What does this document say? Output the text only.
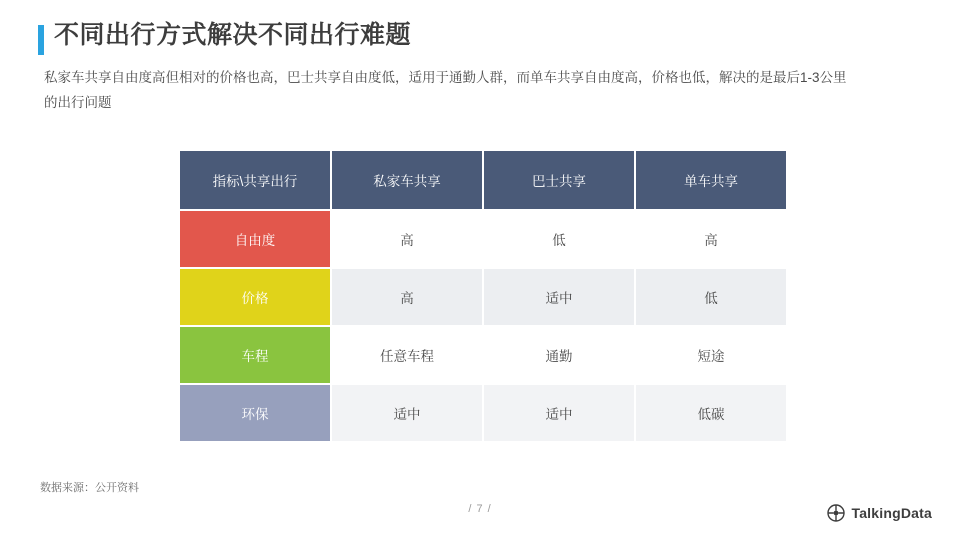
不同出行方式解决不同出行难题
私家车共享自由度高但相对的价格也高，巴士共享自由度低，适用于通勤人群，而单车共享自由度高，价格也低，解决的是最后1-3公里的出行问题
指标\共享出行	私家车共享	巴士共享	单车共享
自由度	高	低	高
价格	高	适中	低
车程	任意车程	通勤	短途
环保	适中	适中	低碳
数据来源：公开资料
/ 7 /	TalkingData
